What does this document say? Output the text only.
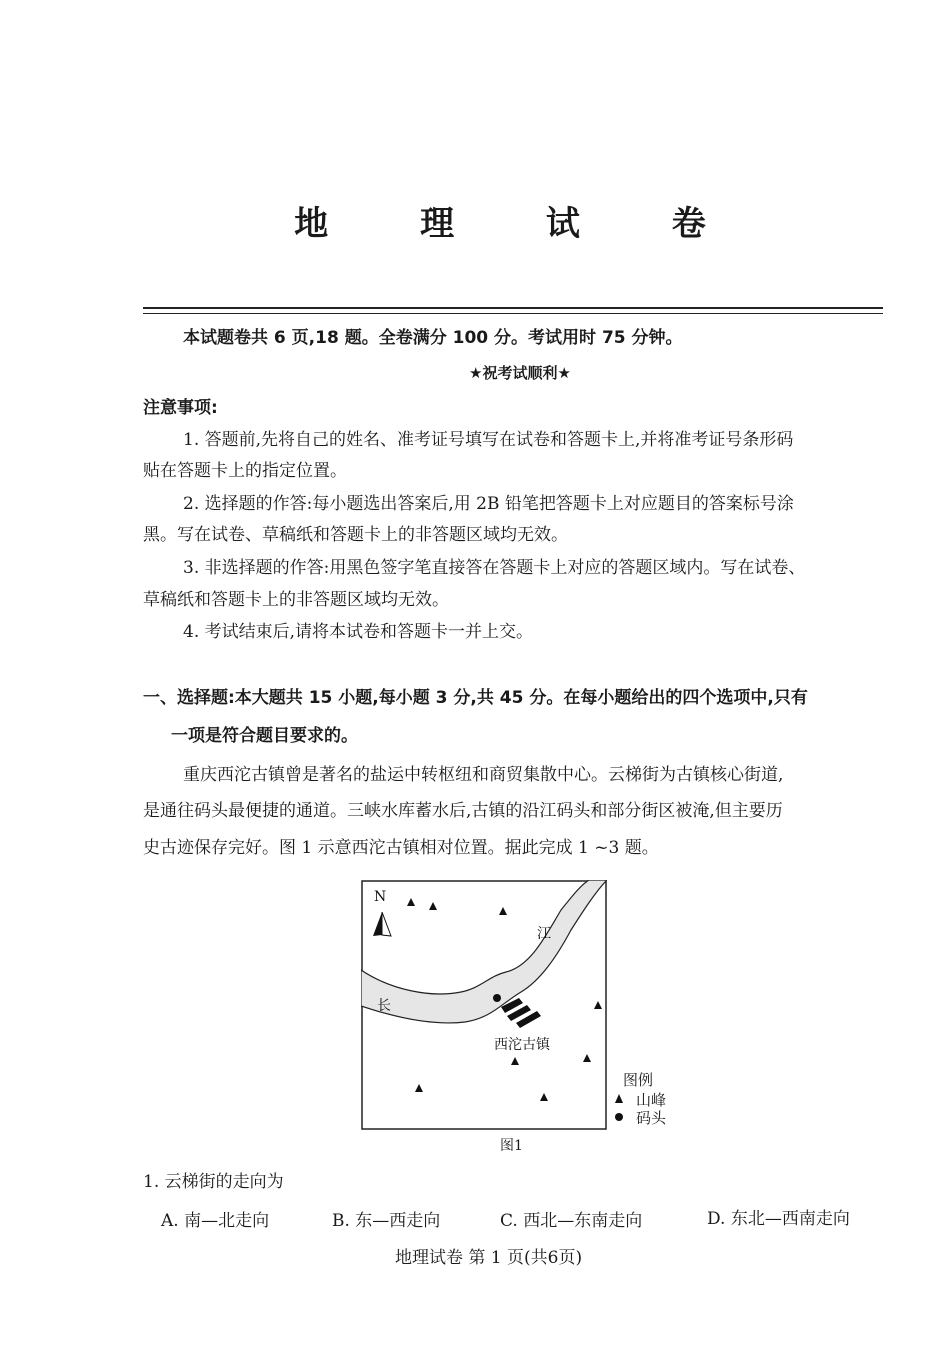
地 理 试 卷
本试题卷共 6 页,18 题。全卷满分 100 分。考试用时 75 分钟。
★祝考试顺利★
注意事项:
1. 答题前,先将自己的姓名、准考证号填写在试卷和答题卡上,并将准考证号条形码
贴在答题卡上的指定位置。
2. 选择题的作答:每小题选出答案后,用 2B 铅笔把答题卡上对应题目的答案标号涂
黑。写在试卷、草稿纸和答题卡上的非答题区域均无效。
3. 非选择题的作答:用黑色签字笔直接答在答题卡上对应的答题区域内。写在试卷、
草稿纸和答题卡上的非答题区域均无效。
4. 考试结束后,请将本试卷和答题卡一并上交。
一、选择题:本大题共 15 小题,每小题 3 分,共 45 分。在每小题给出的四个选项中,只有
一项是符合题目要求的。
重庆西沱古镇曾是著名的盐运中转枢纽和商贸集散中心。云梯街为古镇核心街道,
是通往码头最便捷的通道。三峡水库蓄水后,古镇的沿江码头和部分街区被淹,但主要历
史古迹保存完好。图 1 示意西沱古镇相对位置。据此完成 1 ~3 题。
N
江
长
西沱古镇
图例
山峰
码头
图1
1. 云梯街的走向为
A. 南—北走向	B. 东—西走向	C. 西北—东南走向	D. 东北—西南走向
地理试卷 第 1 页(共6页)
